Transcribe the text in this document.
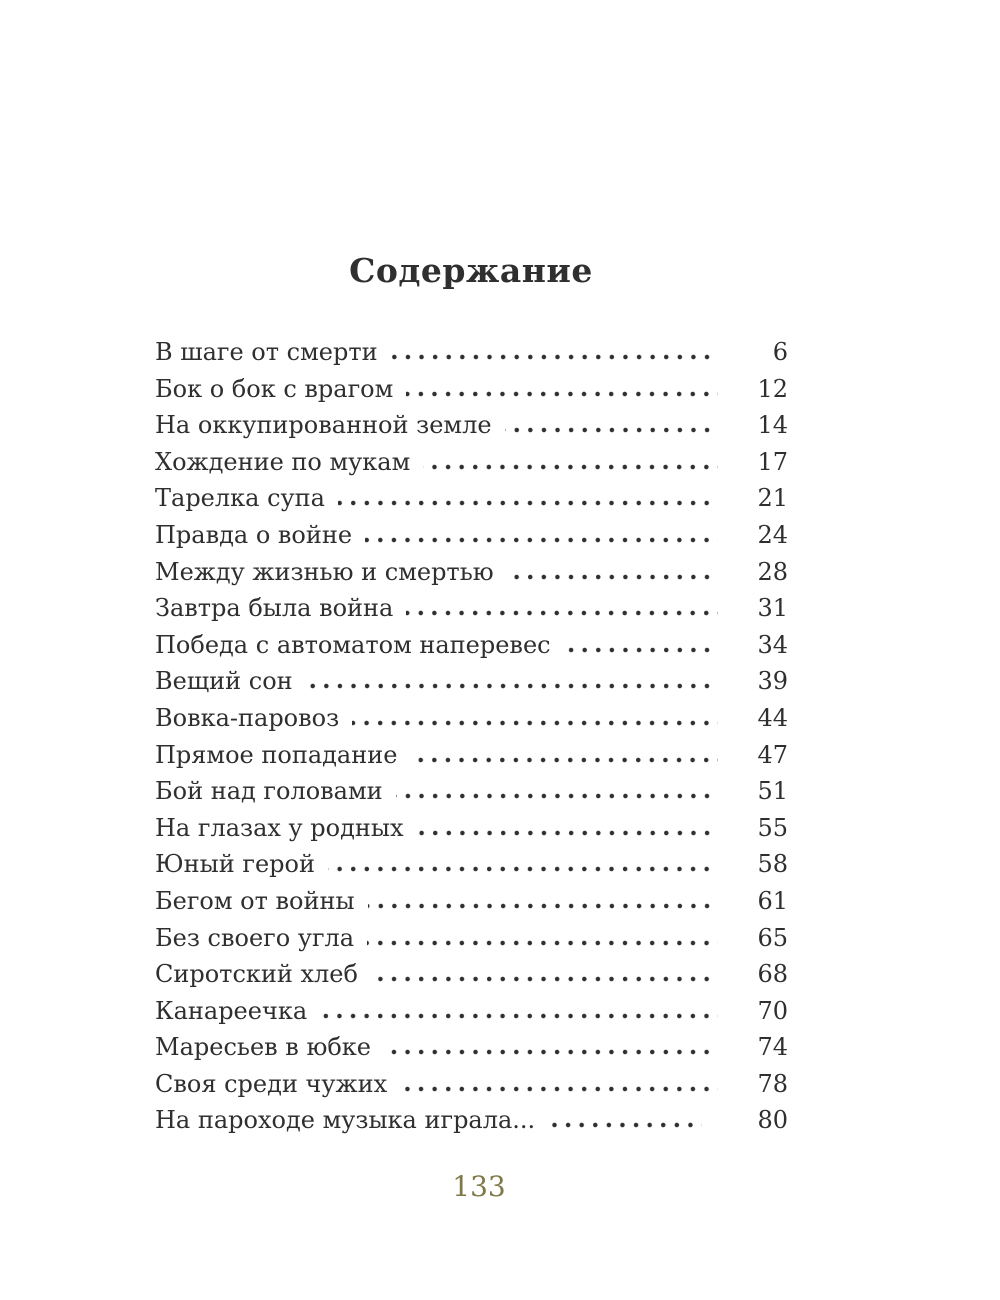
Содержание
В шаге от смерти	6
Бок о бок с врагом	12
На оккупированной земле	14
Хождение по мукам	17
Тарелка супа	21
Правда о войне	24
Между жизнью и смертью	28
Завтра была война	31
Победа с автоматом наперевес	34
Вещий сон	39
Вовка-паровоз	44
Прямое попадание	47
Бой над головами	51
На глазах у родных	55
Юный герой	58
Бегом от войны	61
Без своего угла	65
Сиротский хлеб	68
Канареечка	70
Маресьев в юбке	74
Своя среди чужих	78
На пароходе музыка играла...	80
133
